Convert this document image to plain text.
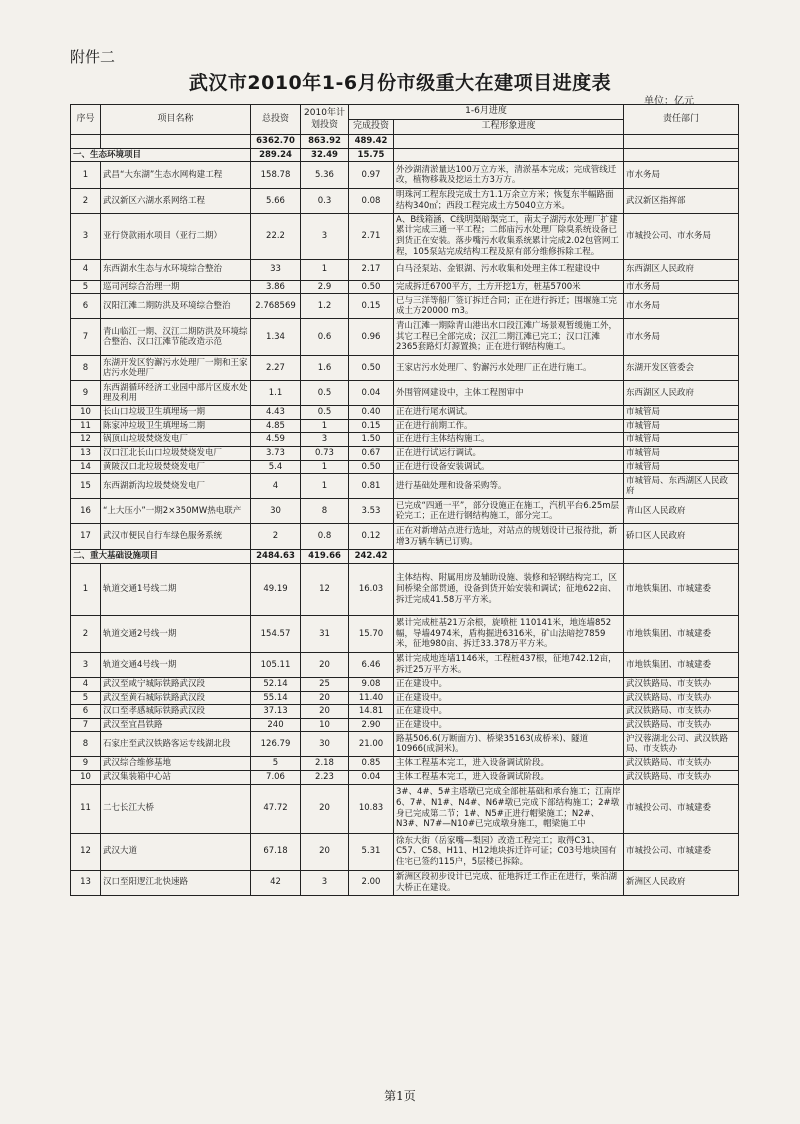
附件二
武汉市2010年1-6月份市级重大在建项目进度表
单位：亿元
序号	项目名称	总投资	2010年计划投资	1-6月进度		责任部门
				完成投资	工程形象进度	
		6362.70	863.92	489.42		
一、生态环境项目		289.24	32.49	15.75		
1	武昌“大东湖”生态水网构建工程	158.78	5.36	0.97	外沙湖清淤量达100万立方米，清淤基本完成；完成管线迁改，植物移栽及挖运土方3万方。	市水务局
2	武汉新区六湖水系网络工程	5.66	0.3	0.08	明珠河工程东段完成土方1.1万余立方米；恢复东半幅路面结构340㎡；西段工程完成土方5040立方米。	武汉新区指挥部
3	亚行贷款雨水项目（亚行二期）	22.2	3	2.71	A、B线箱涵、C线明渠暗渠完工，南太子湖污水处理厂扩建累计完成三通一平工程；二郎庙污水处理厂除臭系统设备已到货正在安装。落步嘴污水收集系统累计完成2.02包管网工程，105泵站完成结构工程及原有部分维修拆除工程。	市城投公司、市水务局
4	东西湖水生态与水环境综合整治	33	1	2.17	白马泾泵站、金银湖、污水收集和处理主体工程建设中	东西湖区人民政府
5	巡司河综合治理一期	3.86	2.9	0.50	完成拆迁6700平方，土方开挖1方，桩基5700米	市水务局
6	汉阳江滩二期防洪及环境综合整治	2.768569	1.2	0.15	已与三洋等船厂签订拆迁合同；正在进行拆迁；围堰施工完成土方20000 m3。	市水务局
7	青山临江一期、汉江二期防洪及环境综合整治、汉口江滩节能改造示范	1.34	0.6	0.96	青山江滩一期除青山港出水口段江滩广场景观暂缓施工外，其它工程已全部完成；汉江二期江滩已完工；汉口江滩2365套路灯灯源置换；正在进行钢结构施工。	市水务局
8	东湖开发区豹澥污水处理厂一期和王家店污水处理厂	2.27	1.6	0.50	王家店污水处理厂、豹澥污水处理厂正在进行施工。	东湖开发区管委会
9	东西湖循环经济工业园中部片区废水处理及利用	1.1	0.5	0.04	外围管网建设中，主体工程图审中	东西湖区人民政府
10	长山口垃圾卫生填埋场一期	4.43	0.5	0.40	正在进行尾水调试。	市城管局
11	陈家冲垃圾卫生填埋场二期	4.85	1	0.15	正在进行前期工作。	市城管局
12	锅顶山垃圾焚烧发电厂	4.59	3	1.50	正在进行主体结构施工。	市城管局
13	汉口江北长山口垃圾焚烧发电厂	3.73	0.73	0.67	正在进行试运行调试。	市城管局
14	黄陂汉口北垃圾焚烧发电厂	5.4	1	0.50	正在进行设备安装调试。	市城管局
15	东西湖新沟垃圾焚烧发电厂	4	1	0.81	进行基础处理和设备采购等。	市城管局、东西湖区人民政府
16	“上大压小”一期2×350MW热电联产	30	8	3.53	已完成“四通一平”，部分设施正在施工，汽机平台6.25m层砼完工；正在进行钢结构施工，部分完工。	青山区人民政府
17	武汉市便民自行车绿色服务系统	2	0.8	0.12	正在对新增站点进行选址，对站点的规划设计已报待批，新增3万辆车辆已订购。	硚口区人民政府
二、重大基础设施项目		2484.63	419.66	242.42		
1	轨道交通1号线二期	49.19	12	16.03	主体结构、附属用房及辅助设施、装修和轻钢结构完工，区间桥梁全部贯通，设备到货开始安装和调试；征地622亩、拆迁完成41.58万平方米。	市地铁集团、市城建委
2	轨道交通2号线一期	154.57	31	15.70	累计完成桩基21万余根，旋喷桩 110141米，地连墙852幅，导墙4974米，盾构掘进6316米，矿山法暗挖7859米，征地980亩、拆迁33.378万平方米。	市地铁集团、市城建委
3	轨道交通4号线一期	105.11	20	6.46	累计完成地连墙1146米，工程桩437根，征地742.12亩，拆迁25万平方米。	市地铁集团、市城建委
4	武汉至咸宁城际铁路武汉段	52.14	25	9.08	正在建设中。	武汉铁路局、市支铁办
5	武汉至黄石城际铁路武汉段	55.14	20	11.40	正在建设中。	武汉铁路局、市支铁办
6	汉口至孝感城际铁路武汉段	37.13	20	14.81	正在建设中。	武汉铁路局、市支铁办
7	武汉至宜昌铁路	240	10	2.90	正在建设中。	武汉铁路局、市支铁办
8	石家庄至武汉铁路客运专线湖北段	126.79	30	21.00	路基506.6(万断面方)、桥梁35163(成桥米)、隧道10966(成洞米)。	沪汉蓉湖北公司、武汉铁路局、市支铁办
9	武汉综合维修基地	5	2.18	0.85	主体工程基本完工，进入设备调试阶段。	武汉铁路局、市支铁办
10	武汉集装箱中心站	7.06	2.23	0.04	主体工程基本完工，进入设备调试阶段。	武汉铁路局、市支铁办
11	二七长江大桥	47.72	20	10.83	3#、4#、5#主塔墩已完成全部桩基础和承台施工；江南岸6、7#、N1#、N4#、N6#墩已完成下部结构施工；2#墩身已完成第二节；1#、N5#正进行帽梁施工；N2#、N3#、N7#—N10#已完成墩身施工，帽梁施工中	市城投公司、市城建委
12	武汉大道	67.18	20	5.31	徐东大街（岳家嘴—梨园）改造工程完工；取得C31、C57、C58、H11、H12地块拆迁许可证；C03号地块国有住宅已签约115户，5层楼已拆除。	市城投公司、市城建委
13	汉口至阳逻江北快速路	42	3	2.00	新洲区段初步设计已完成、征地拆迁工作正在进行，柴泊湖大桥正在建设。	新洲区人民政府
第1页
